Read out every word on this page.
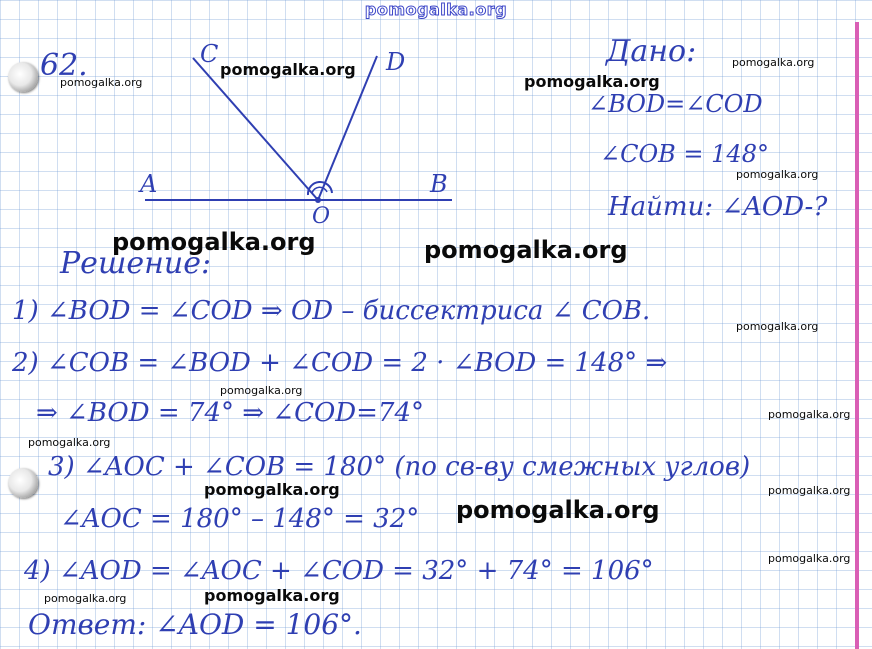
pomogalka.org
62.	C	D
A	B
O
Дано:
∠BOD=∠COD
∠COB = 148°
Найти: ∠AOD-?
Решение:
1) ∠BOD = ∠COD ⇒ OD – биссектриса ∠ COB.
2) ∠COB = ∠BOD + ∠COD = 2 · ∠BOD = 148° ⇒
⇒ ∠BOD = 74° ⇒ ∠COD=74°
3) ∠AOC + ∠COB = 180° (по св-ву смежных углов)
∠AOC = 180° – 148° = 32°
4) ∠AOD = ∠AOC + ∠COD = 32° + 74° = 106°
Ответ: ∠AOD = 106°.
pomogalka.org
pomogalka.org
pomogalka.org
pomogalka.org
pomogalka.org
pomogalka.org	pomogalka.org
pomogalka.org
pomogalka.org
pomogalka.org
pomogalka.org
pomogalka.org	pomogalka.org
pomogalka.org
pomogalka.org
pomogalka.org	pomogalka.org
